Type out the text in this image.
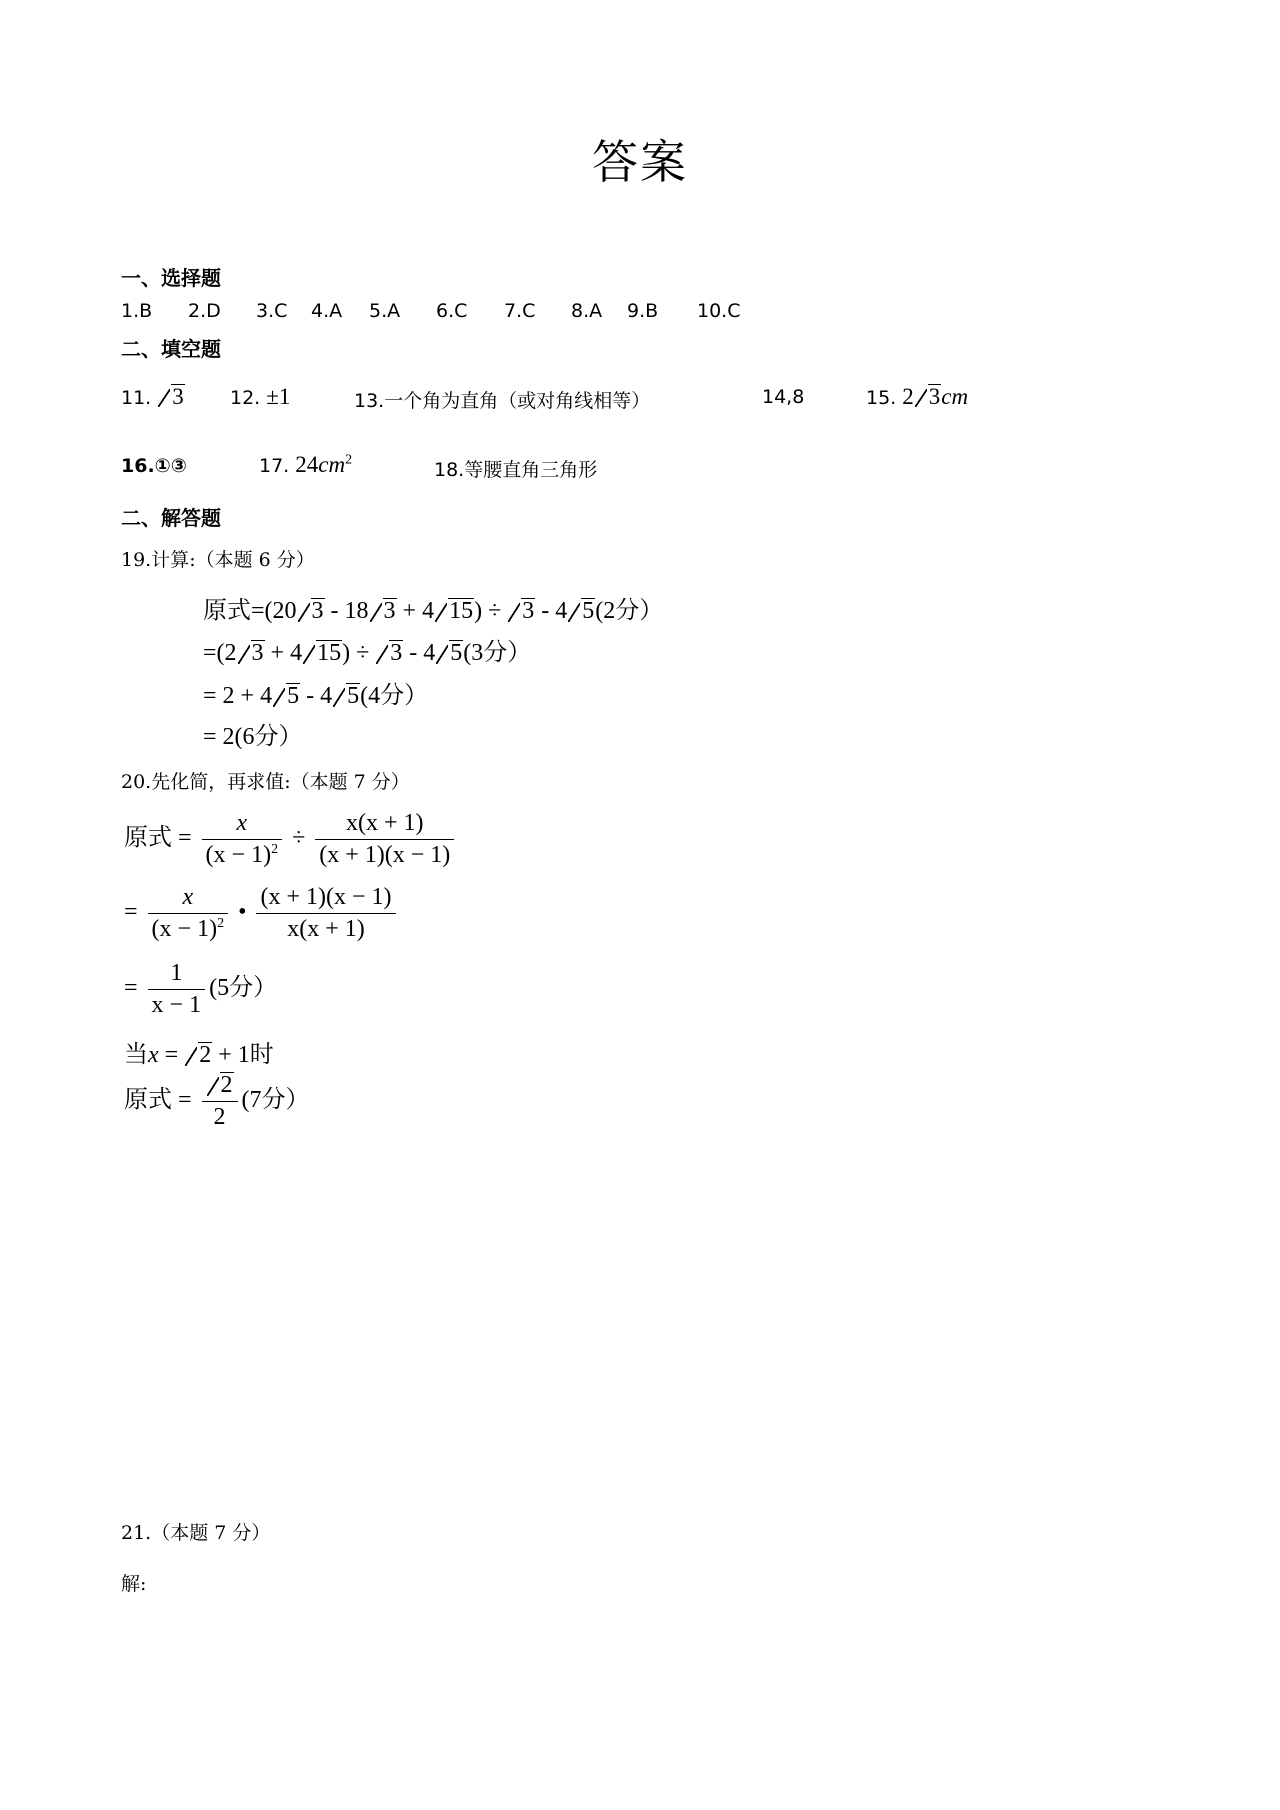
答案
一、选择题
1.B 2.D 3.C 4.A 5.A 6.C 7.C 8.A 9.B 10.C
二、填空题
11. 3 12. ±1	13.一个角为直角（或对角线相等）	14,8	15. 2 3cm
16.①③	17. $24cm^2$	18.等腰直角三角形
二、解答题
19.计算:（本题 6 分）
原式=(20 3 - 18 3 + 4 15) ÷ 3 - 4 5(2分）
=(2 3 + 4 15) ÷ 3 - 4 5(3分）
= 2 + 4 5 - 4 5(4分）
= 2(6分）
20.先化简，再求值:（本题 7 分）
原式 = $\frac{x}{(x - 1)^2} \div \frac{x(x + 1)}{(x + 1)(x - 1)}$
= $\frac{x}{(x - 1)^2}$ • $\frac{(x + 1)(x - 1)}{x(x + 1)}$
= $\frac{1}{x - 1} (5$分）
当x = 2 + 1时
原式 = $\frac{2}{2} (7$分）
21.（本题 7 分）
解:
